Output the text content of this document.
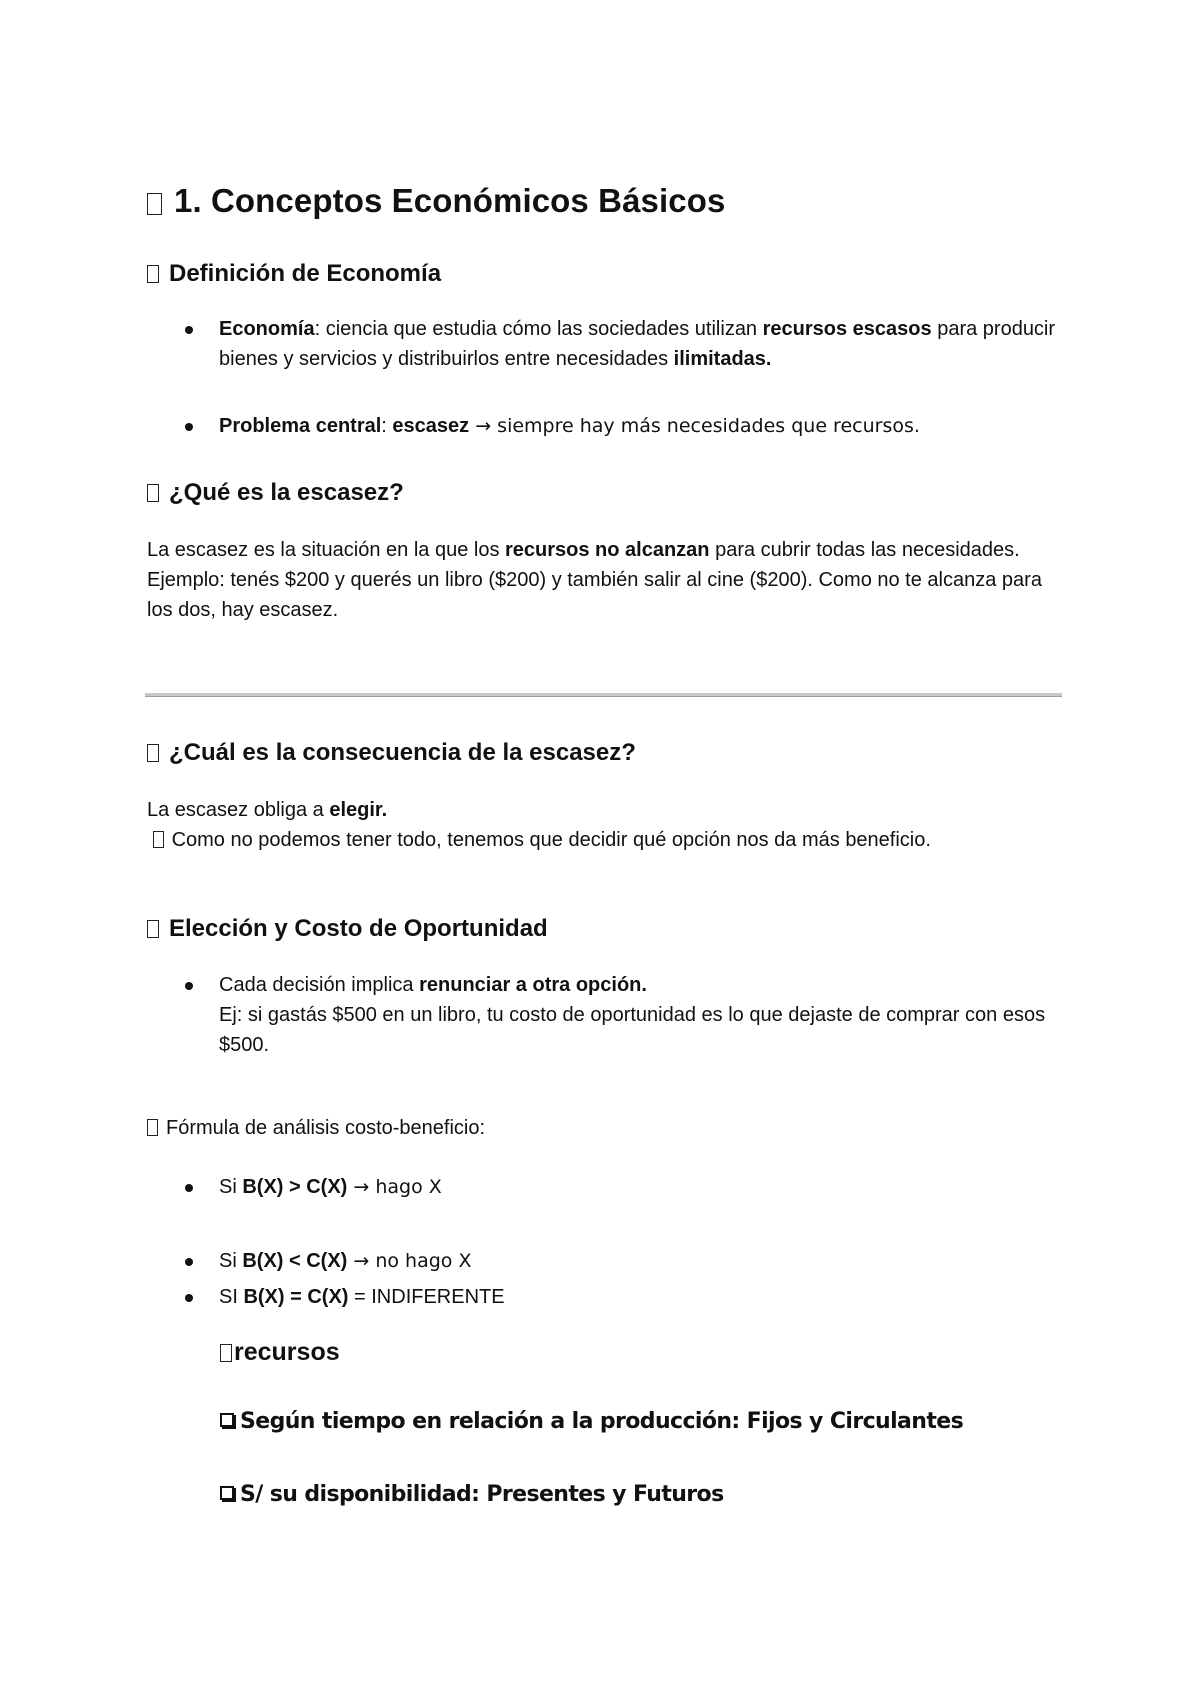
1. Conceptos Económicos Básicos
Definición de Economía
Economía: ciencia que estudia cómo las sociedades utilizan recursos escasos para producir bienes y servicios y distribuirlos entre necesidades ilimitadas.
Problema central: escasez → siempre hay más necesidades que recursos.
¿Qué es la escasez?

La escasez es la situación en la que los recursos no alcanzan para cubrir todas las necesidades.
Ejemplo: tenés $200 y querés un libro ($200) y también salir al cine ($200). Como no te alcanza para los dos, hay escasez.

¿Cuál es la consecuencia de la escasez?

La escasez obliga a elegir.
Como no podemos tener todo, tenemos que decidir qué opción nos da más beneficio.

Elección y Costo de Oportunidad
Cada decisión implica renunciar a otra opción.
Ej: si gastás $500 en un libro, tu costo de oportunidad es lo que dejaste de comprar con esos $500.

Fórmula de análisis costo-beneficio:

Si B(X) > C(X) → hago X
Si B(X) < C(X) → no hago X
SI B(X) = C(X) = INDIFERENTE
recursos
Según tiempo en relación a la producción: Fijos y Circulantes
S/ su disponibilidad: Presentes y Futuros
